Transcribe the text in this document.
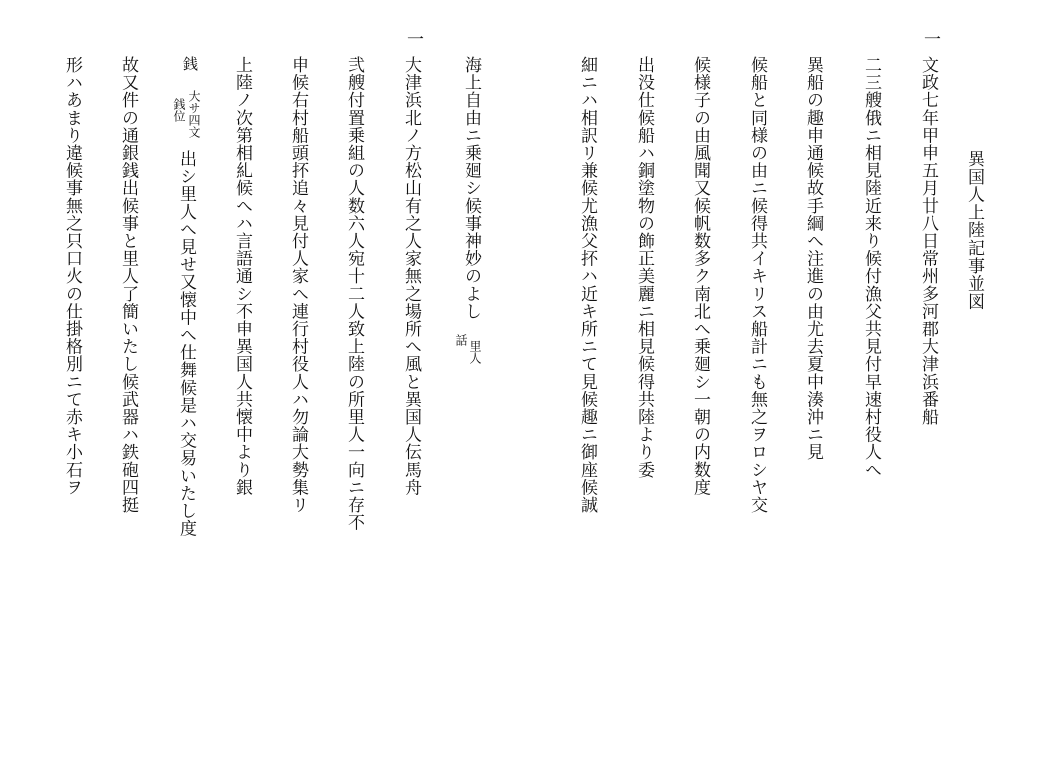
異国人上陸記事並図
一
一
文政七年甲申五月廿八日常州多河郡大津浜番船
二三艘俄ニ相見陸近来り候付漁父共見付早速村役人へ
異船の趣申通候故手綱へ注進の由尤去夏中湊沖ニ見
候船と同様の由ニ候得共イキリス船計ニも無之ヲロシヤ交
候様子の由風聞又候帆数多ク南北へ乗廻シ一朝の内数度
出没仕候船ハ銅塗物の飾正美麗ニ相見候得共陸より委
細ニハ相訳リ兼候尤漁父抔ハ近キ所ニて見候趣ニ御座候誠
海上自由ニ乗廻シ候事神妙のよし
里人
話
大津浜北ノ方松山有之人家無之場所へ風と異国人伝馬舟
弐艘付置乗組の人数六人宛十二人致上陸の所里人一向ニ存不
申候右村船頭抔追々見付人家へ連行村役人ハ勿論大勢集リ
上陸ノ次第相糺候へハ言語通シ不申異国人共懐中より銀
銭
大サ四文
銭位
出シ里人へ見せ又懐中へ仕舞候是ハ交易いたし度
故又件の通銀銭出候事と里人了簡いたし候武器ハ鉄砲四挺
形ハあまり違候事無之只口火の仕掛格別ニて赤キ小石ヲ
